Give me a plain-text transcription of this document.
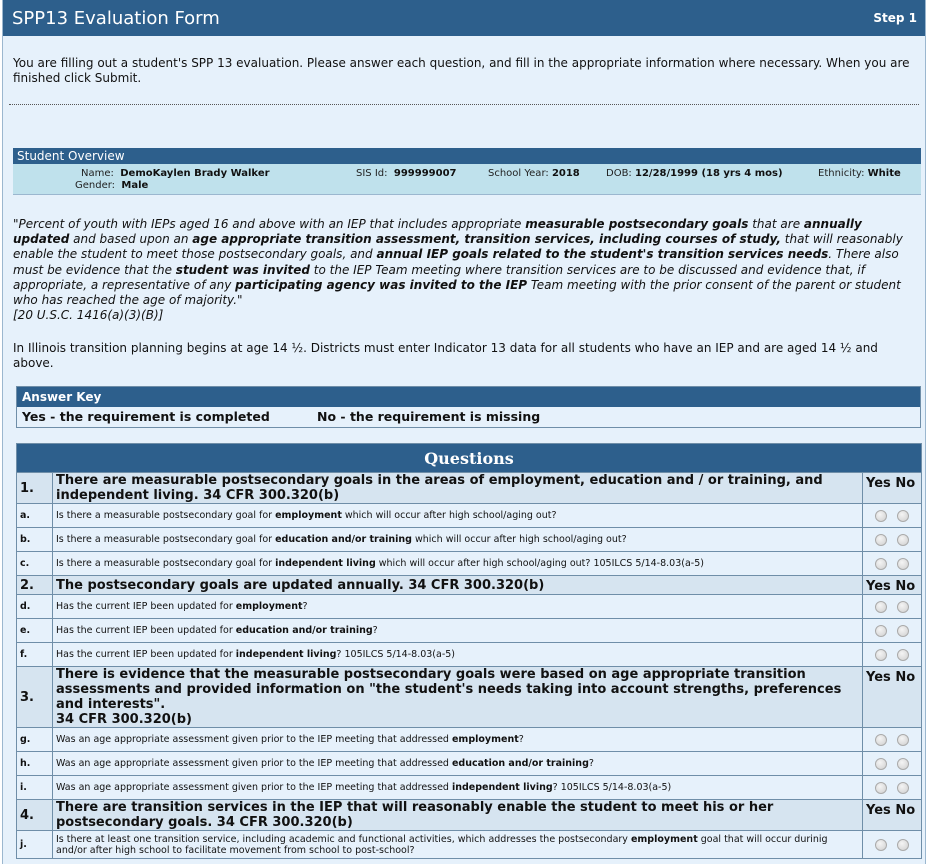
SPP13 Evaluation Form	Step 1
You are filling out a student's SPP 13 evaluation. Please answer each question, and fill in the appropriate information where necessary. When you are finished click Submit.
Student Overview
Name: DemoKaylen Brady Walker
Gender: Male
SIS Id: 999999007	School Year: 2018	DOB: 12/28/1999 (18 yrs 4 mos)	Ethnicity: White
"Percent of youth with IEPs aged 16 and above with an IEP that includes appropriate measurable postsecondary goals that are annually updated and based upon an age appropriate transition assessment, transition services, including courses of study, that will reasonably enable the student to meet those postsecondary goals, and annual IEP goals related to the student's transition services needs. There also must be evidence that the student was invited to the IEP Team meeting where transition services are to be discussed and evidence that, if appropriate, a representative of any participating agency was invited to the IEP Team meeting with the prior consent of the parent or student who has reached the age of majority."
[20 U.S.C. 1416(a)(3)(B)]
In Illinois transition planning begins at age 14 ½. Districts must enter Indicator 13 data for all students who have an IEP and are aged 14 ½ and above.
Answer Key
Yes - the requirement is completed	No - the requirement is missing
Questions		
1.	There are measurable postsecondary goals in the areas of employment, education and / or training, and independent living. 34 CFR 300.320(b)	Yes No
a.	Is there a measurable postsecondary goal for employment which will occur after high school/aging out?	
b.	Is there a measurable postsecondary goal for education and/or training which will occur after high school/aging out?	
c.	Is there a measurable postsecondary goal for independent living which will occur after high school/aging out? 105ILCS 5/14-8.03(a-5)	
2.	The postsecondary goals are updated annually. 34 CFR 300.320(b)	Yes No
d.	Has the current IEP been updated for employment?	
e.	Has the current IEP been updated for education and/or training?	
f.	Has the current IEP been updated for independent living? 105ILCS 5/14-8.03(a-5)	
3.	There is evidence that the measurable postsecondary goals were based on age appropriate transition assessments and provided information on "the student's needs taking into account strengths, preferences and interests".
34 CFR 300.320(b)	Yes No
g.	Was an age appropriate assessment given prior to the IEP meeting that addressed employment?	
h.	Was an age appropriate assessment given prior to the IEP meeting that addressed education and/or training?	
i.	Was an age appropriate assessment given prior to the IEP meeting that addressed independent living? 105ILCS 5/14-8.03(a-5)	
4.	There are transition services in the IEP that will reasonably enable the student to meet his or her postsecondary goals. 34 CFR 300.320(b)	Yes No
j.	Is there at least one transition service, including academic and functional activities, which addresses the postsecondary employment goal that will occur durinig and/or after high school to facilitate movement from school to post-school?	
